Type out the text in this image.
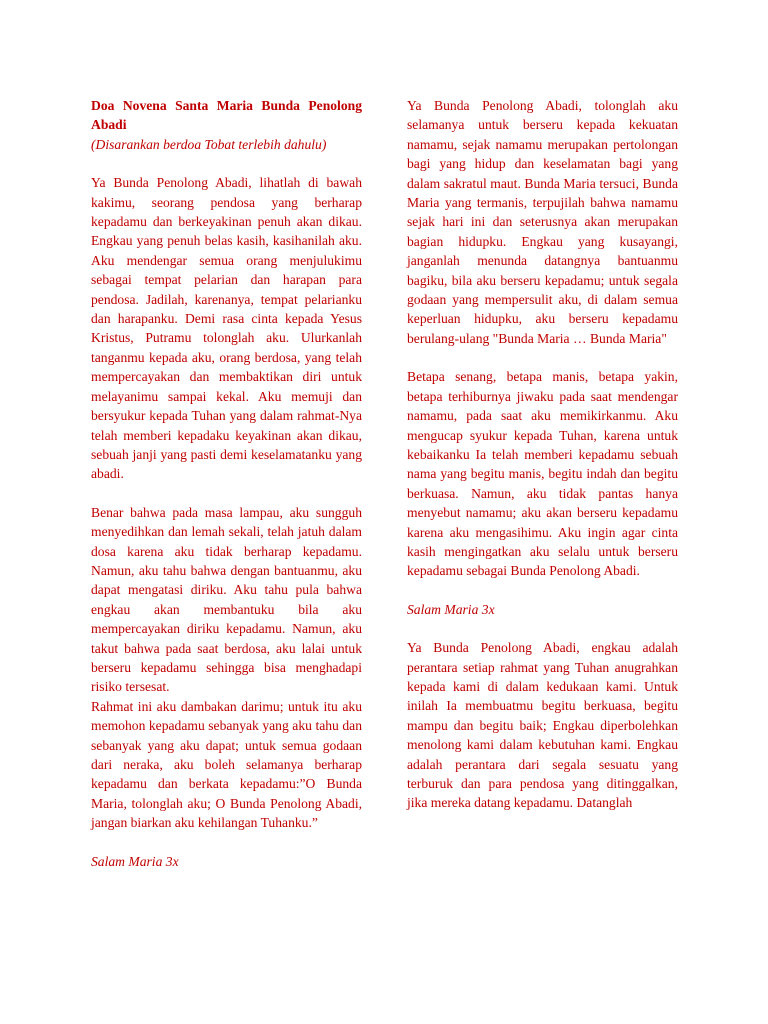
Doa Novena Santa Maria Bunda Penolong Abadi

(Disarankan berdoa Tobat terlebih dahulu)

Ya Bunda Penolong Abadi, lihatlah di bawah kakimu, seorang pendosa yang berharap kepadamu dan berkeyakinan penuh akan dikau. Engkau yang penuh belas kasih, kasihanilah aku. Aku mendengar semua orang menjulukimu sebagai tempat pelarian dan harapan para pendosa. Jadilah, karenanya, tempat pelarianku dan harapanku. Demi rasa cinta kepada Yesus Kristus, Putramu tolonglah aku. Ulurkanlah tanganmu kepada aku, orang berdosa, yang telah mempercayakan dan membaktikan diri untuk melayanimu sampai kekal. Aku memuji dan bersyukur kepada Tuhan yang dalam rahmat-Nya telah memberi kepadaku keyakinan akan dikau, sebuah janji yang pasti demi keselamatanku yang abadi.

Benar bahwa pada masa lampau, aku sungguh menyedihkan dan lemah sekali, telah jatuh dalam dosa karena aku tidak berharap kepadamu. Namun, aku tahu bahwa dengan bantuanmu, aku dapat mengatasi diriku. Aku tahu pula bahwa engkau akan membantuku bila aku mempercayakan diriku kepadamu. Namun, aku takut bahwa pada saat berdosa, aku lalai untuk berseru kepadamu sehingga bisa menghadapi risiko tersesat.

Rahmat ini aku dambakan darimu; untuk itu aku memohon kepadamu sebanyak yang aku tahu dan sebanyak yang aku dapat; untuk semua godaan dari neraka, aku boleh selamanya berharap kepadamu dan berkata kepadamu:”O Bunda Maria, tolonglah aku; O Bunda Penolong Abadi, jangan biarkan aku kehilangan Tuhanku.”

Salam Maria 3x

Ya Bunda Penolong Abadi, tolonglah aku selamanya untuk berseru kepada kekuatan namamu, sejak namamu merupakan pertolongan bagi yang hidup dan keselamatan bagi yang dalam sakratul maut. Bunda Maria tersuci, Bunda Maria yang termanis, terpujilah bahwa namamu sejak hari ini dan seterusnya akan merupakan bagian hidupku. Engkau yang kusayangi, janganlah menunda datangnya bantuanmu bagiku, bila aku berseru kepadamu; untuk segala godaan yang mempersulit aku, di dalam semua keperluan hidupku, aku berseru kepadamu berulang-ulang "Bunda Maria … Bunda Maria"

Betapa senang, betapa manis, betapa yakin, betapa terhiburnya jiwaku pada saat mendengar namamu, pada saat aku memikirkanmu. Aku mengucap syukur kepada Tuhan, karena untuk kebaikanku Ia telah memberi kepadamu sebuah nama yang begitu manis, begitu indah dan begitu berkuasa. Namun, aku tidak pantas hanya menyebut namamu; aku akan berseru kepadamu karena aku mengasihimu. Aku ingin agar cinta kasih mengingatkan aku selalu untuk berseru kepadamu sebagai Bunda Penolong Abadi.

Salam Maria 3x

Ya Bunda Penolong Abadi, engkau adalah perantara setiap rahmat yang Tuhan anugrahkan kepada kami di dalam kedukaan kami. Untuk inilah Ia membuatmu begitu berkuasa, begitu mampu dan begitu baik; Engkau diperbolehkan menolong kami dalam kebutuhan kami. Engkau adalah perantara dari segala sesuatu yang terburuk dan para pendosa yang ditinggalkan, jika mereka datang kepadamu. Datanglah
